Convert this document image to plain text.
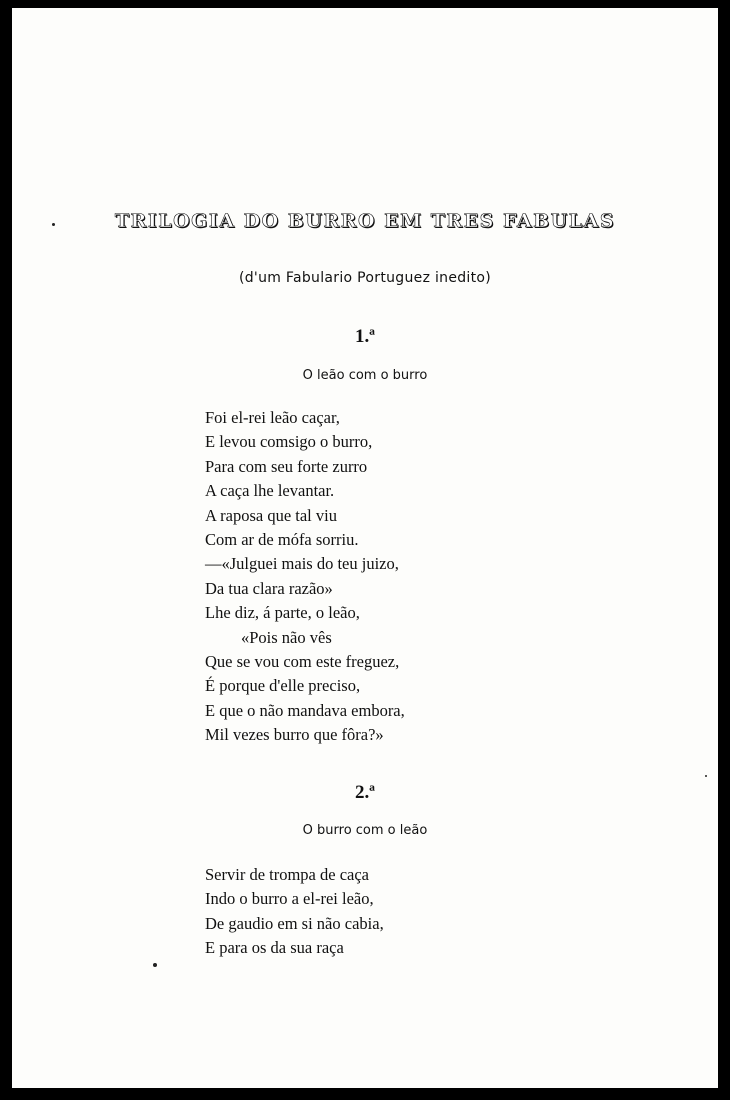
TRILOGIA DO BURRO EM TRES FABULAS
(d'um Fabulario Portuguez inedito)
1.ª
O leão com o burro
Foi el-rei leão caçar,
E levou comsigo o burro,
Para com seu forte zurro
A caça lhe levantar.
A raposa que tal viu
Com ar de mófa sorriu.
—«Julguei mais do teu juizo,
Da tua clara razão»
Lhe diz, á parte, o leão,
«Pois não vês
Que se vou com este freguez,
É porque d'elle preciso,
E que o não mandava embora,
Mil vezes burro que fôra?»
2.ª
O burro com o leão
Servir de trompa de caça
Indo o burro a el-rei leão,
De gaudio em si não cabia,
E para os da sua raça
